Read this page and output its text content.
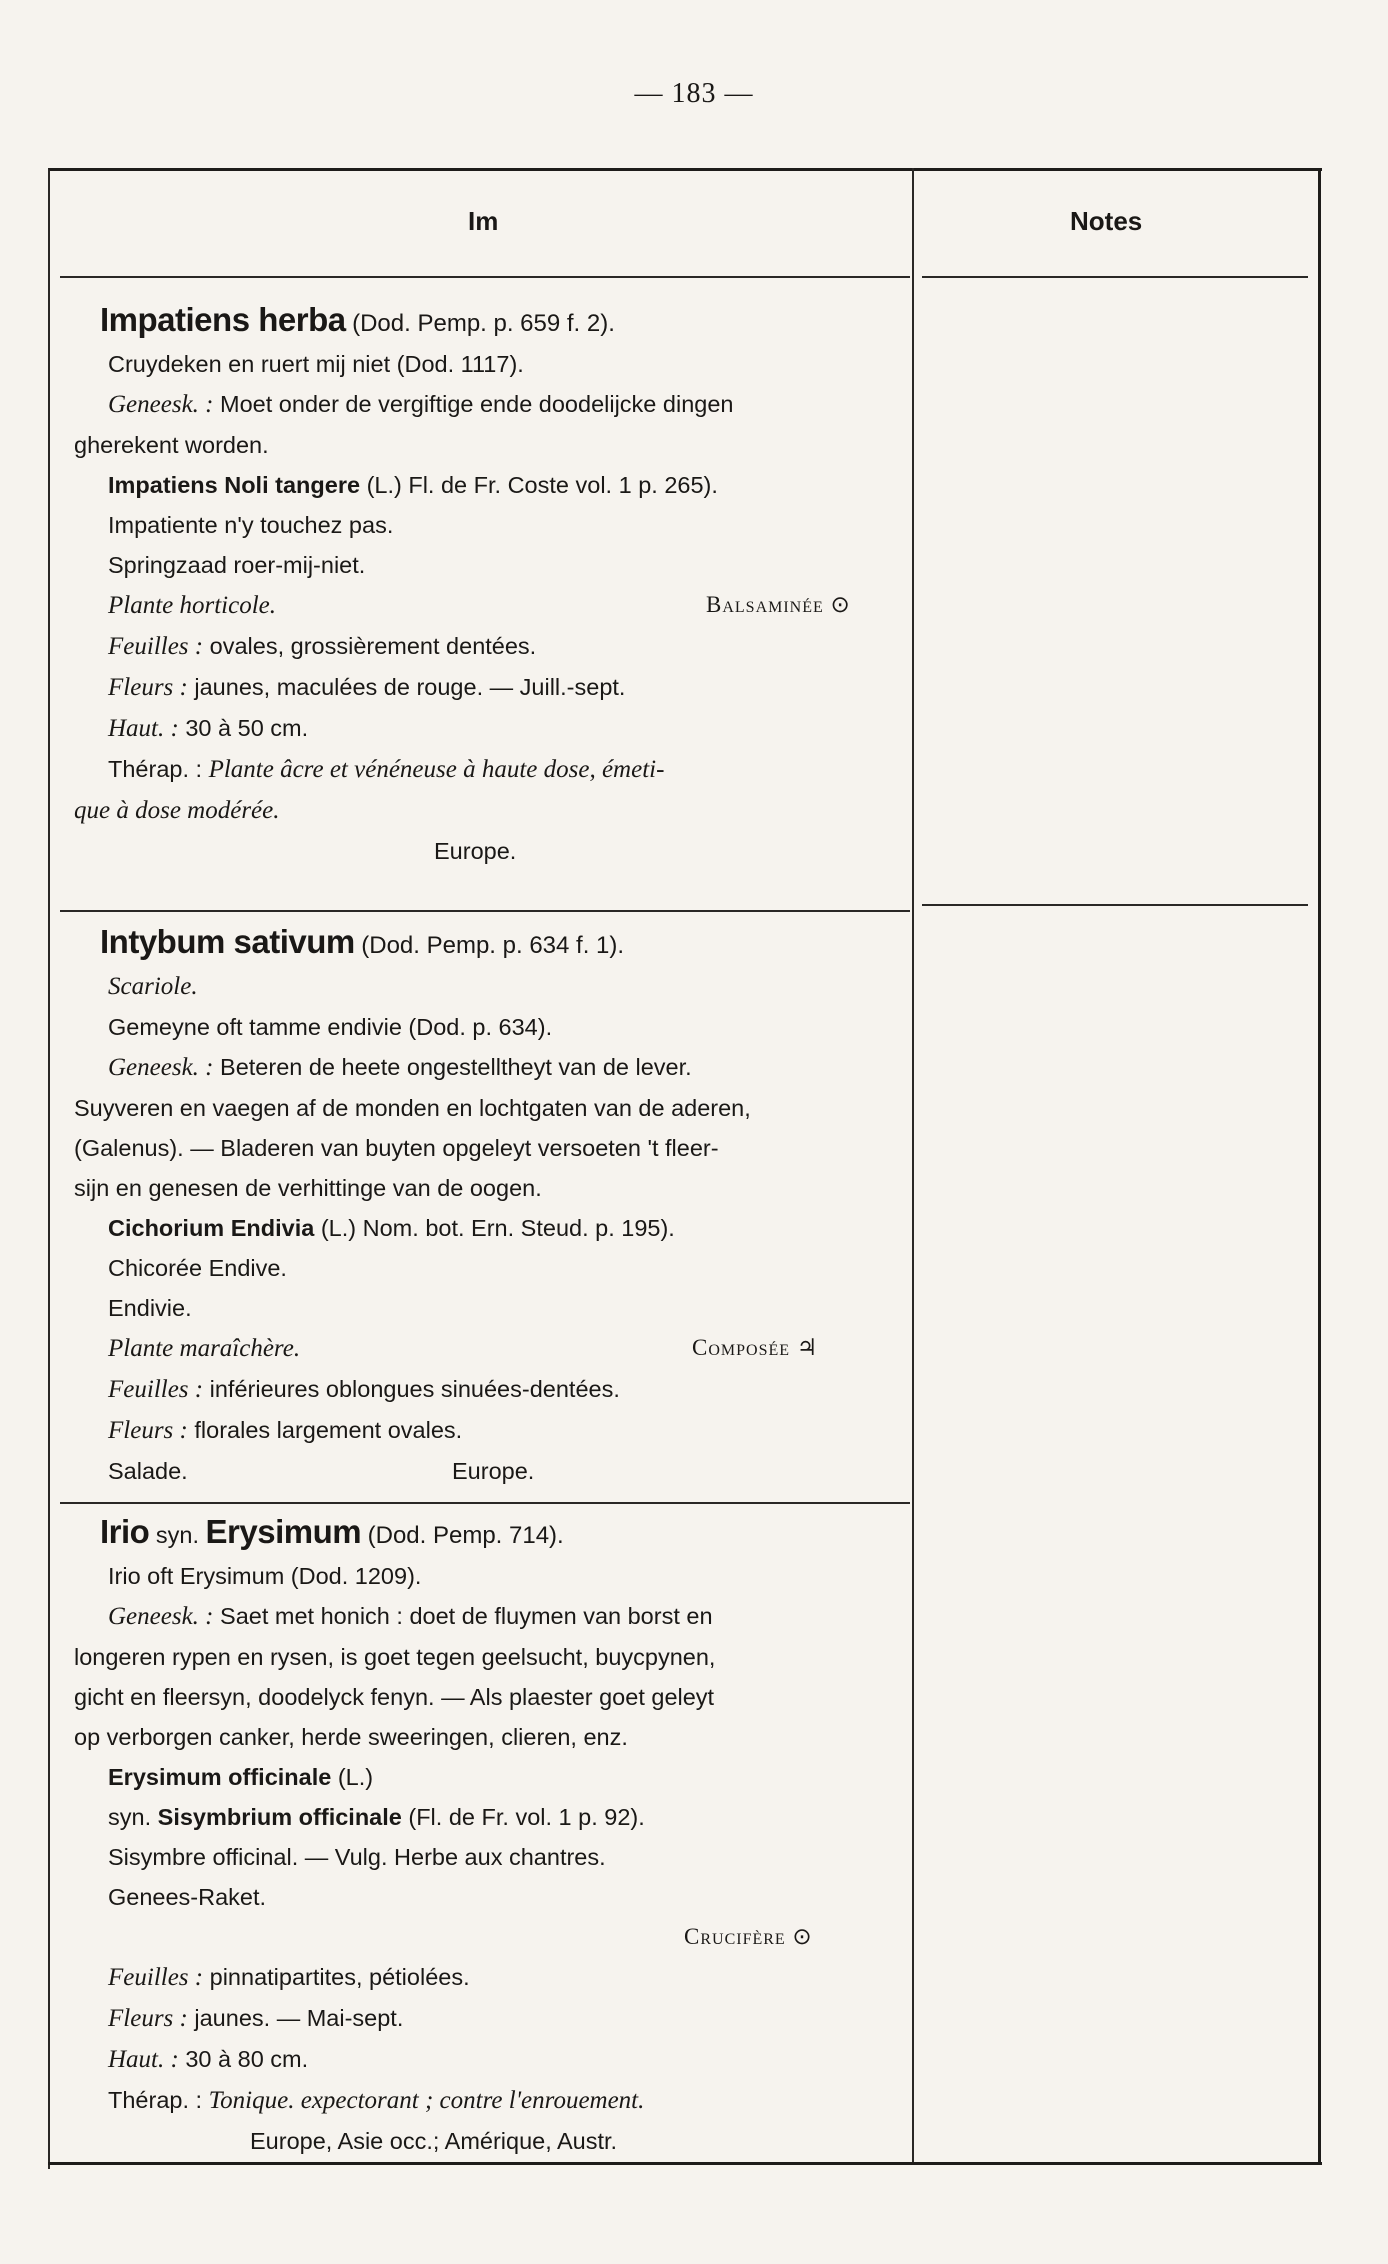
— 183 —
Im	Notes
Impatiens herba (Dod. Pemp. p. 659 f. 2).
Cruydeken en ruert mij niet (Dod. 1117).
Geneesk. : Moet onder de vergiftige ende doodelijcke dingen
gherekent worden.
Impatiens Noli tangere (L.) Fl. de Fr. Coste vol. 1 p. 265).
Impatiente n'y touchez pas.
Springzaad roer-mij-niet.
Plante horticole.	Balsaminée ⊙
Feuilles : ovales, grossièrement dentées.
Fleurs : jaunes, maculées de rouge. — Juill.-sept.
Haut. : 30 à 50 cm.
Thérap. : Plante âcre et vénéneuse à haute dose, émeti-
que à dose modérée.
Europe.
Intybum sativum (Dod. Pemp. p. 634 f. 1).
Scariole.
Gemeyne oft tamme endivie (Dod. p. 634).
Geneesk. : Beteren de heete ongestelltheyt van de lever.
Suyveren en vaegen af de monden en lochtgaten van de aderen,
(Galenus). — Bladeren van buyten opgeleyt versoeten 't fleer-
sijn en genesen de verhittinge van de oogen.
Cichorium Endivia (L.) Nom. bot. Ern. Steud. p. 195).
Chicorée Endive.
Endivie.
Plante maraîchère.	Composée ♃
Feuilles : inférieures oblongues sinuées-dentées.
Fleurs : florales largement ovales.
Salade.	Europe.
Irio syn. Erysimum (Dod. Pemp. 714).
Irio oft Erysimum (Dod. 1209).
Geneesk. : Saet met honich : doet de fluymen van borst en
longeren rypen en rysen, is goet tegen geelsucht, buycpynen,
gicht en fleersyn, doodelyck fenyn. — Als plaester goet geleyt
op verborgen canker, herde sweeringen, clieren, enz.
Erysimum officinale (L.)
syn. Sisymbrium officinale (Fl. de Fr. vol. 1 p. 92).
Sisymbre officinal. — Vulg. Herbe aux chantres.
Genees-Raket.
Crucifère ⊙
Feuilles : pinnatipartites, pétiolées.
Fleurs : jaunes. — Mai-sept.
Haut. : 30 à 80 cm.
Thérap. : Tonique. expectorant ; contre l'enrouement.
Europe, Asie occ.; Amérique, Austr.
